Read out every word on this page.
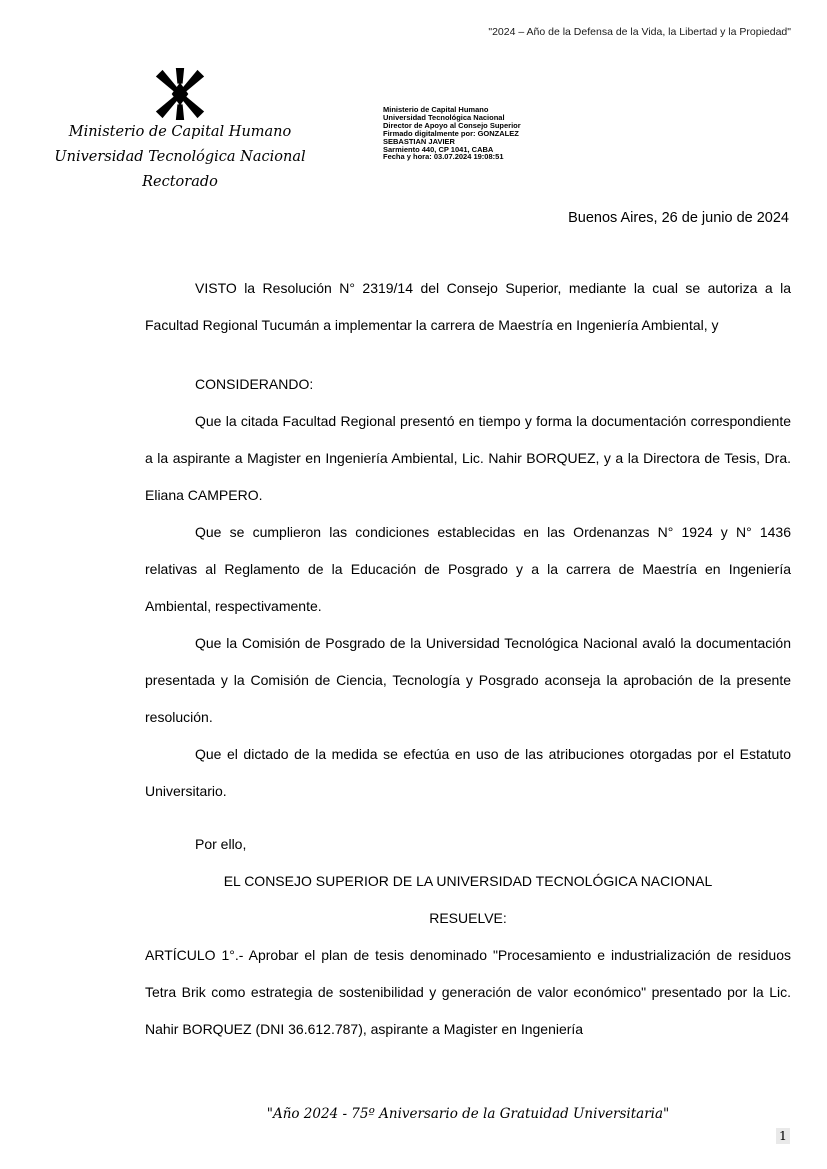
"2024 – Año de la Defensa de la Vida, la Libertad y la Propiedad"
Ministerio de Capital Humano
Universidad Tecnológica Nacional
Rectorado
Ministerio de Capital Humano
Universidad Tecnológica Nacional
Director de Apoyo al Consejo Superior
Firmado digitalmente por: GONZALEZ
SEBASTIAN JAVIER
Sarmiento 440, CP 1041, CABA
Fecha y hora: 03.07.2024 19:08:51
Buenos Aires, 26 de junio de 2024

VISTO la Resolución N° 2319/14 del Consejo Superior, mediante la cual se autoriza a la Facultad Regional Tucumán a implementar la carrera de Maestría en Ingeniería Ambiental, y

CONSIDERANDO:

Que la citada Facultad Regional presentó en tiempo y forma la documentación correspondiente a la aspirante a Magister en Ingeniería Ambiental, Lic. Nahir BORQUEZ, y a la Directora de Tesis, Dra. Eliana CAMPERO.

Que se cumplieron las condiciones establecidas en las Ordenanzas N° 1924 y N° 1436 relativas al Reglamento de la Educación de Posgrado y a la carrera de Maestría en Ingeniería Ambiental, respectivamente.

Que la Comisión de Posgrado de la Universidad Tecnológica Nacional avaló la documentación presentada y la Comisión de Ciencia, Tecnología y Posgrado aconseja la aprobación de la presente resolución.

Que el dictado de la medida se efectúa en uso de las atribuciones otorgadas por el Estatuto Universitario.

Por ello,

EL CONSEJO SUPERIOR DE LA UNIVERSIDAD TECNOLÓGICA NACIONAL

RESUELVE:

ARTÍCULO 1°.- Aprobar el plan de tesis denominado "Procesamiento e industrialización de residuos Tetra Brik como estrategia de sostenibilidad y generación de valor económico" presentado por la Lic. Nahir BORQUEZ (DNI 36.612.787), aspirante a Magister en Ingeniería

"Año 2024 - 75º Aniversario de la Gratuidad Universitaria"
1
